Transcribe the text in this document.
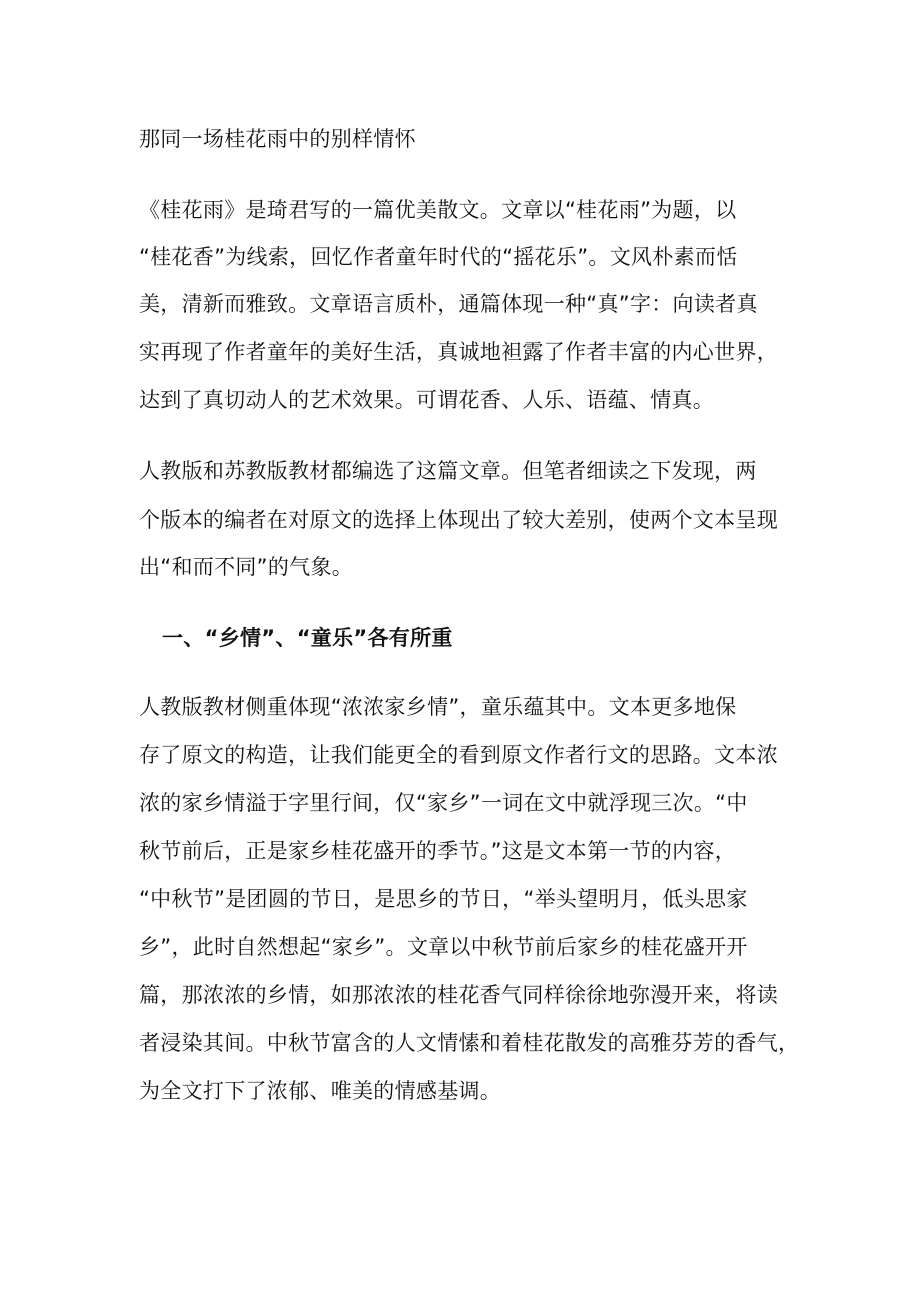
那同一场桂花雨中的别样情怀
《桂花雨》是琦君写的一篇优美散文。文章以“桂花雨”为题，以
“桂花香”为线索，回忆作者童年时代的“摇花乐”。文风朴素而恬
美，清新而雅致。文章语言质朴，通篇体现一种“真”字：向读者真
实再现了作者童年的美好生活，真诚地袒露了作者丰富的内心世界，
达到了真切动人的艺术效果。可谓花香、人乐、语蕴、情真。
人教版和苏教版教材都编选了这篇文章。但笔者细读之下发现，两
个版本的编者在对原文的选择上体现出了较大差别，使两个文本呈现
出“和而不同”的气象。
一、“乡情”、“童乐”各有所重
人教版教材侧重体现“浓浓家乡情”，童乐蕴其中。文本更多地保
存了原文的构造，让我们能更全的看到原文作者行文的思路。文本浓
浓的家乡情溢于字里行间，仅“家乡”一词在文中就浮现三次。“中
秋节前后，正是家乡桂花盛开的季节。”这是文本第一节的内容，
“中秋节”是团圆的节日，是思乡的节日，“举头望明月，低头思家
乡”，此时自然想起“家乡”。文章以中秋节前后家乡的桂花盛开开
篇，那浓浓的乡情，如那浓浓的桂花香气同样徐徐地弥漫开来，将读
者浸染其间。中秋节富含的人文情愫和着桂花散发的高雅芬芳的香气，
为全文打下了浓郁、唯美的情感基调。
